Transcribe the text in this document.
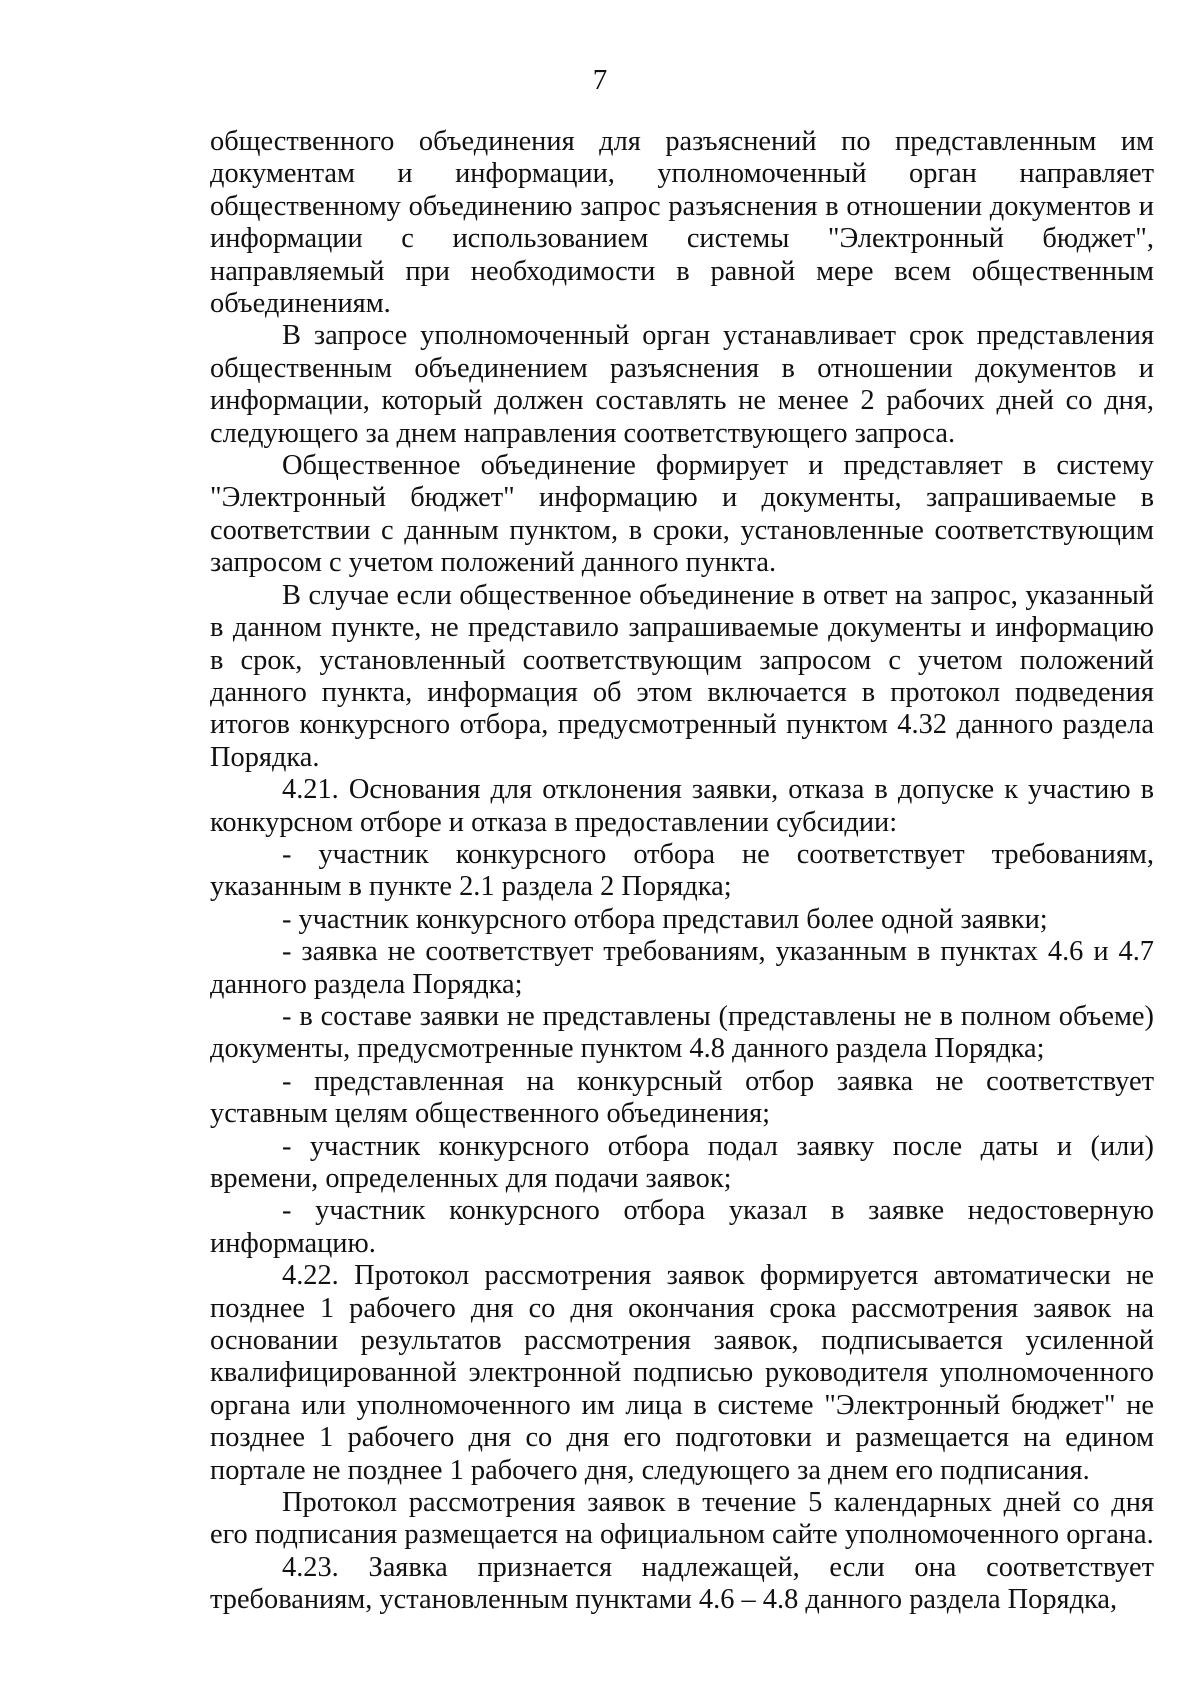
7

общественного объединения для разъяснений по представленным им документам и информации, уполномоченный орган направляет общественному объединению запрос разъяснения в отношении документов и информации с использованием системы "Электронный бюджет", направляемый при необходимости в равной мере всем общественным объединениям.

В запросе уполномоченный орган устанавливает срок представления общественным объединением разъяснения в отношении документов и информации, который должен составлять не менее 2 рабочих дней со дня, следующего за днем направления соответствующего запроса.

Общественное объединение формирует и представляет в систему "Электронный бюджет" информацию и документы, запрашиваемые в соответствии с данным пунктом, в сроки, установленные соответствующим запросом с учетом положений данного пункта.

В случае если общественное объединение в ответ на запрос, указанный в данном пункте, не представило запрашиваемые документы и информацию в срок, установленный соответствующим запросом с учетом положений данного пункта, информация об этом включается в протокол подведения итогов конкурсного отбора, предусмотренный пунктом 4.32 данного раздела Порядка.

4.21. Основания для отклонения заявки, отказа в допуске к участию в конкурсном отборе и отказа в предоставлении субсидии:

- участник конкурсного отбора не соответствует требованиям, указанным в пункте 2.1 раздела 2 Порядка;

- участник конкурсного отбора представил более одной заявки;

- заявка не соответствует требованиям, указанным в пунктах 4.6 и 4.7 данного раздела Порядка;

- в составе заявки не представлены (представлены не в полном объеме) документы, предусмотренные пунктом 4.8 данного раздела Порядка;

- представленная на конкурсный отбор заявка не соответствует уставным целям общественного объединения;

- участник конкурсного отбора подал заявку после даты и (или) времени, определенных для подачи заявок;

- участник конкурсного отбора указал в заявке недостоверную информацию.

4.22. Протокол рассмотрения заявок формируется автоматически не позднее 1 рабочего дня со дня окончания срока рассмотрения заявок на основании результатов рассмотрения заявок, подписывается усиленной квалифицированной электронной подписью руководителя уполномоченного органа или уполномоченного им лица в системе "Электронный бюджет" не позднее 1 рабочего дня со дня его подготовки и размещается на едином портале не позднее 1 рабочего дня, следующего за днем его подписания.

Протокол рассмотрения заявок в течение 5 календарных дней со дня его подписания размещается на официальном сайте уполномоченного органа.

4.23. Заявка признается надлежащей, если она соответствует требованиям, установленным пунктами 4.6 – 4.8 данного раздела Порядка,
